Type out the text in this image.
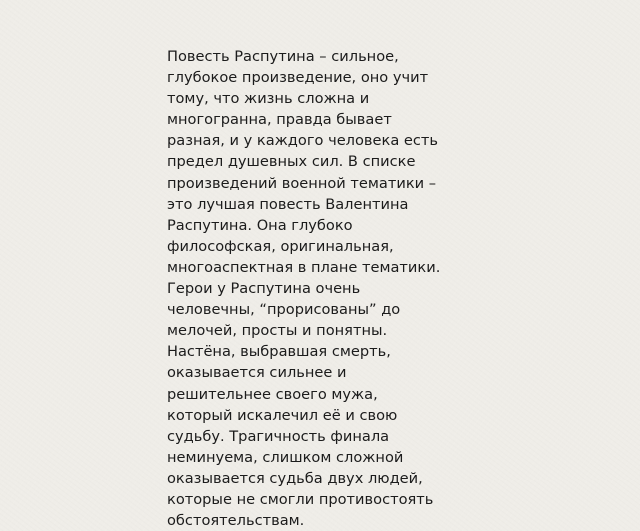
Повесть Распутина – сильное,
глубокое произведение, оно учит
тому, что жизнь сложна и
многогранна, правда бывает
разная, и у каждого человека есть
предел душевных сил. В списке
произведений военной тематики –
это лучшая повесть Валентина
Распутина. Она глубоко
философская, оригинальная,
многоаспектная в плане тематики.
Герои у Распутина очень
человечны, “прорисованы” до
мелочей, просты и понятны.
Настёна, выбравшая смерть,
оказывается сильнее и
решительнее своего мужа,
который искалечил её и свою
судьбу. Трагичность финала
неминуема, слишком сложной
оказывается судьба двух людей,
которые не смогли противостоять
обстоятельствам.
